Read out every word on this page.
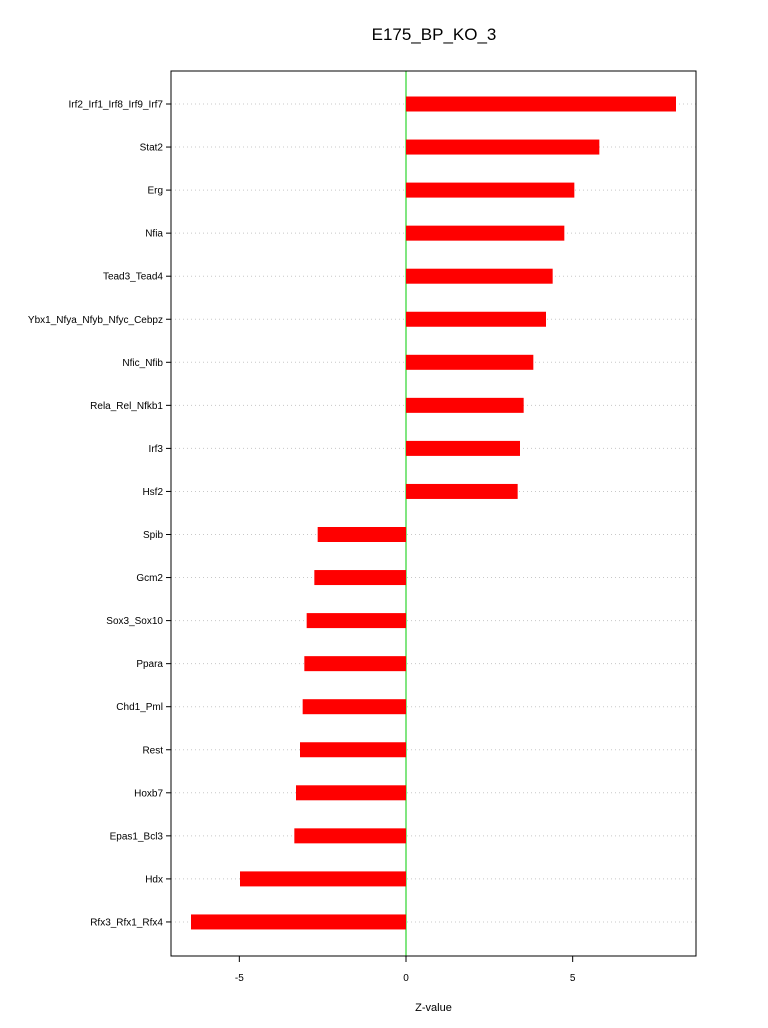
E175_BP_KO_3
Irf2_Irf1_Irf8_Irf9_Irf7
Stat2
Erg
Nfia
Tead3_Tead4
Ybx1_Nfya_Nfyb_Nfyc_Cebpz
Nfic_Nfib
Rela_Rel_Nfkb1
Irf3
Hsf2
Spib
Gcm2
Sox3_Sox10
Ppara
Chd1_Pml
Rest
Hoxb7
Epas1_Bcl3
Hdx
Rfx3_Rfx1_Rfx4
-5	0	5
Z-value
